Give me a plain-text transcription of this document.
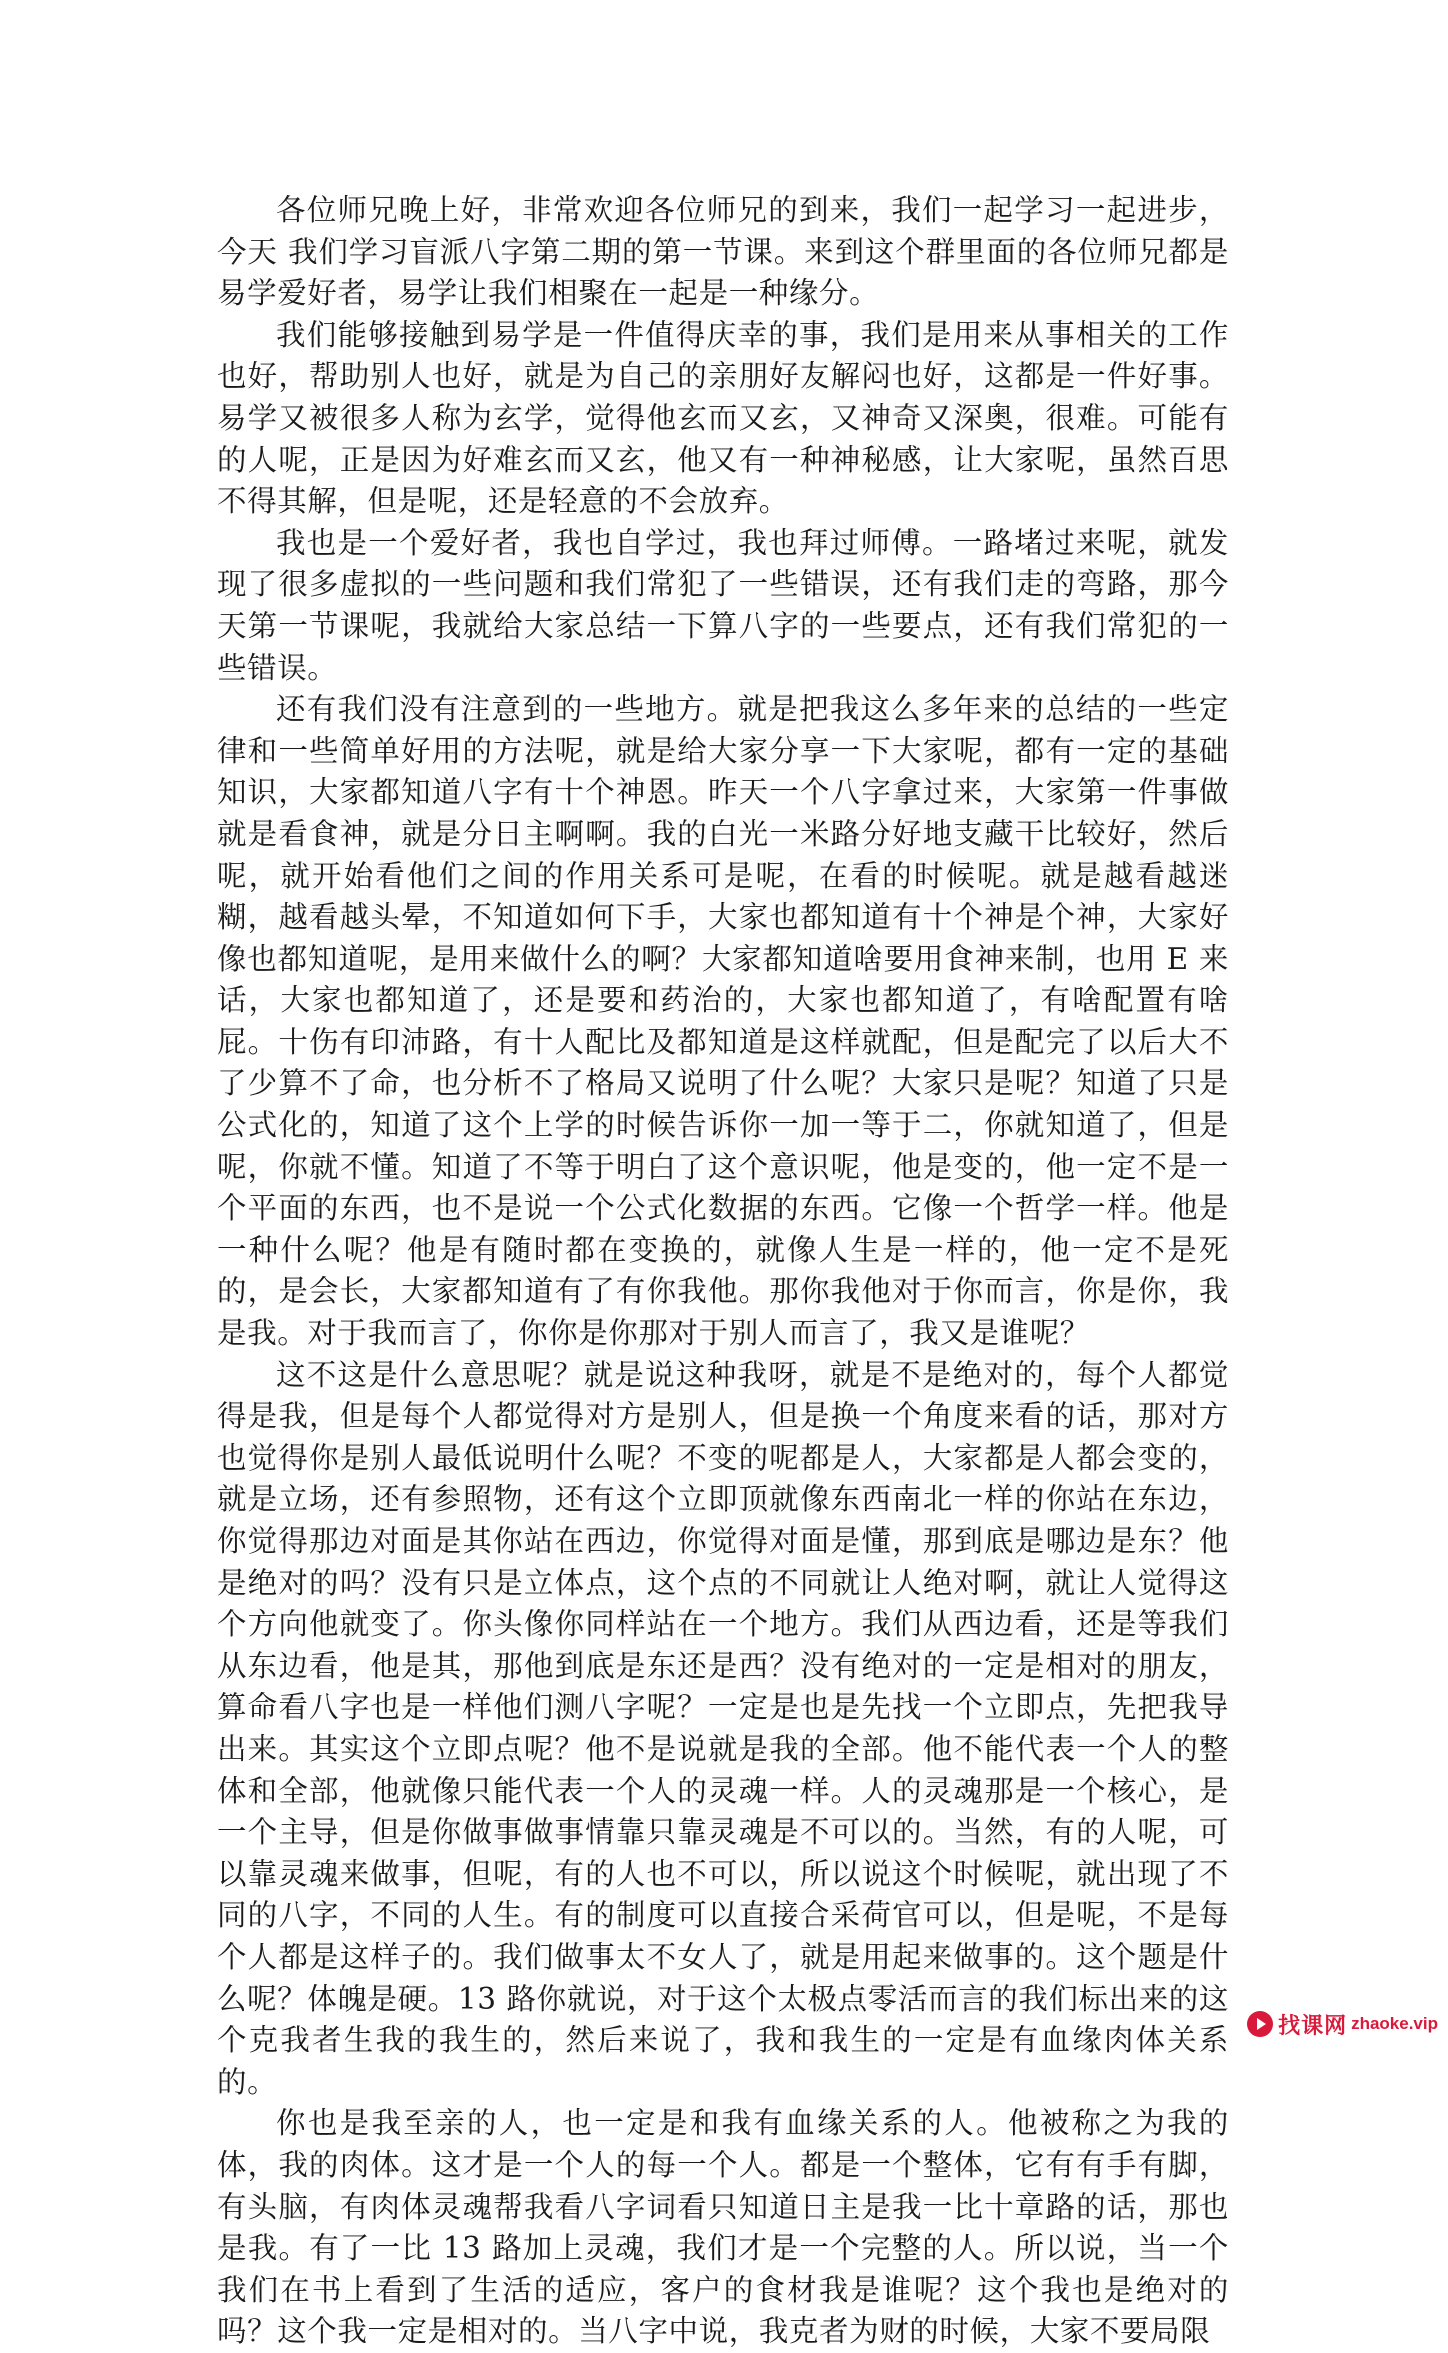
各位师兄晚上好，非常欢迎各位师兄的到来，我们一起学习一起进步，今天 我们学习盲派八字第二期的第一节课。来到这个群里面的各位师兄都是易学爱好者，易学让我们相聚在一起是一种缘分。

我们能够接触到易学是一件值得庆幸的事，我们是用来从事相关的工作也好，帮助别人也好，就是为自己的亲朋好友解闷也好，这都是一件好事。易学又被很多人称为玄学，觉得他玄而又玄，又神奇又深奥，很难。可能有的人呢，正是因为好难玄而又玄，他又有一种神秘感，让大家呢，虽然百思不得其解，但是呢，还是轻意的不会放弃。

我也是一个爱好者，我也自学过，我也拜过师傅。一路堵过来呢，就发现了很多虚拟的一些问题和我们常犯了一些错误，还有我们走的弯路，那今天第一节课呢，我就给大家总结一下算八字的一些要点，还有我们常犯的一些错误。

还有我们没有注意到的一些地方。就是把我这么多年来的总结的一些定律和一些简单好用的方法呢，就是给大家分享一下大家呢，都有一定的基础知识，大家都知道八字有十个神恩。昨天一个八字拿过来，大家第一件事做就是看食神，就是分日主啊啊。我的白光一米路分好地支藏干比较好，然后呢，就开始看他们之间的作用关系可是呢，在看的时候呢。就是越看越迷糊，越看越头晕，不知道如何下手，大家也都知道有十个神是个神，大家好像也都知道呢，是用来做什么的啊？大家都知道啥要用食神来制，也用 E 来话，大家也都知道了，还是要和药治的，大家也都知道了，有啥配置有啥屁。十伤有印沛路，有十人配比及都知道是这样就配，但是配完了以后大不了少算不了命，也分析不了格局又说明了什么呢？大家只是呢？知道了只是公式化的，知道了这个上学的时候告诉你一加一等于二，你就知道了，但是呢，你就不懂。知道了不等于明白了这个意识呢，他是变的，他一定不是一个平面的东西，也不是说一个公式化数据的东西。它像一个哲学一样。他是一种什么呢？他是有随时都在变换的，就像人生是一样的，他一定不是死的，是会长，大家都知道有了有你我他。那你我他对于你而言，你是你，我是我。对于我而言了，你你是你那对于别人而言了，我又是谁呢？

这不这是什么意思呢？就是说这种我呀，就是不是绝对的，每个人都觉得是我，但是每个人都觉得对方是别人，但是换一个角度来看的话，那对方也觉得你是别人最低说明什么呢？不变的呢都是人，大家都是人都会变的，就是立场，还有参照物，还有这个立即顶就像东西南北一样的你站在东边，你觉得那边对面是其你站在西边，你觉得对面是懂，那到底是哪边是东？他是绝对的吗？没有只是立体点，这个点的不同就让人绝对啊，就让人觉得这个方向他就变了。你头像你同样站在一个地方。我们从西边看，还是等我们从东边看，他是其，那他到底是东还是西？没有绝对的一定是相对的朋友，算命看八字也是一样他们测八字呢？一定是也是先找一个立即点，先把我导出来。其实这个立即点呢？他不是说就是我的全部。他不能代表一个人的整体和全部，他就像只能代表一个人的灵魂一样。人的灵魂那是一个核心，是一个主导，但是你做事做事情靠只靠灵魂是不可以的。当然，有的人呢，可以靠灵魂来做事，但呢，有的人也不可以，所以说这个时候呢，就出现了不同的八字，不同的人生。有的制度可以直接合采荷官可以，但是呢，不是每个人都是这样子的。我们做事太不女人了，就是用起来做事的。这个题是什么呢？体魄是硬。13 路你就说，对于这个太极点零活而言的我们标出来的这个克我者生我的我生的，然后来说了，我和我生的一定是有血缘肉体关系的。

你也是我至亲的人，也一定是和我有血缘关系的人。他被称之为我的体，我的肉体。这才是一个人的每一个人。都是一个整体，它有有手有脚，有头脑，有肉体灵魂帮我看八字词看只知道日主是我一比十章路的话，那也是我。有了一比 13 路加上灵魂，我们才是一个完整的人。所以说，当一个我们在书上看到了生活的适应，客户的食材我是谁呢？这个我也是绝对的吗？这个我一定是相对的。当八字中说，我克者为财的时候，大家不要局限

找课网 zhaoke.vip
